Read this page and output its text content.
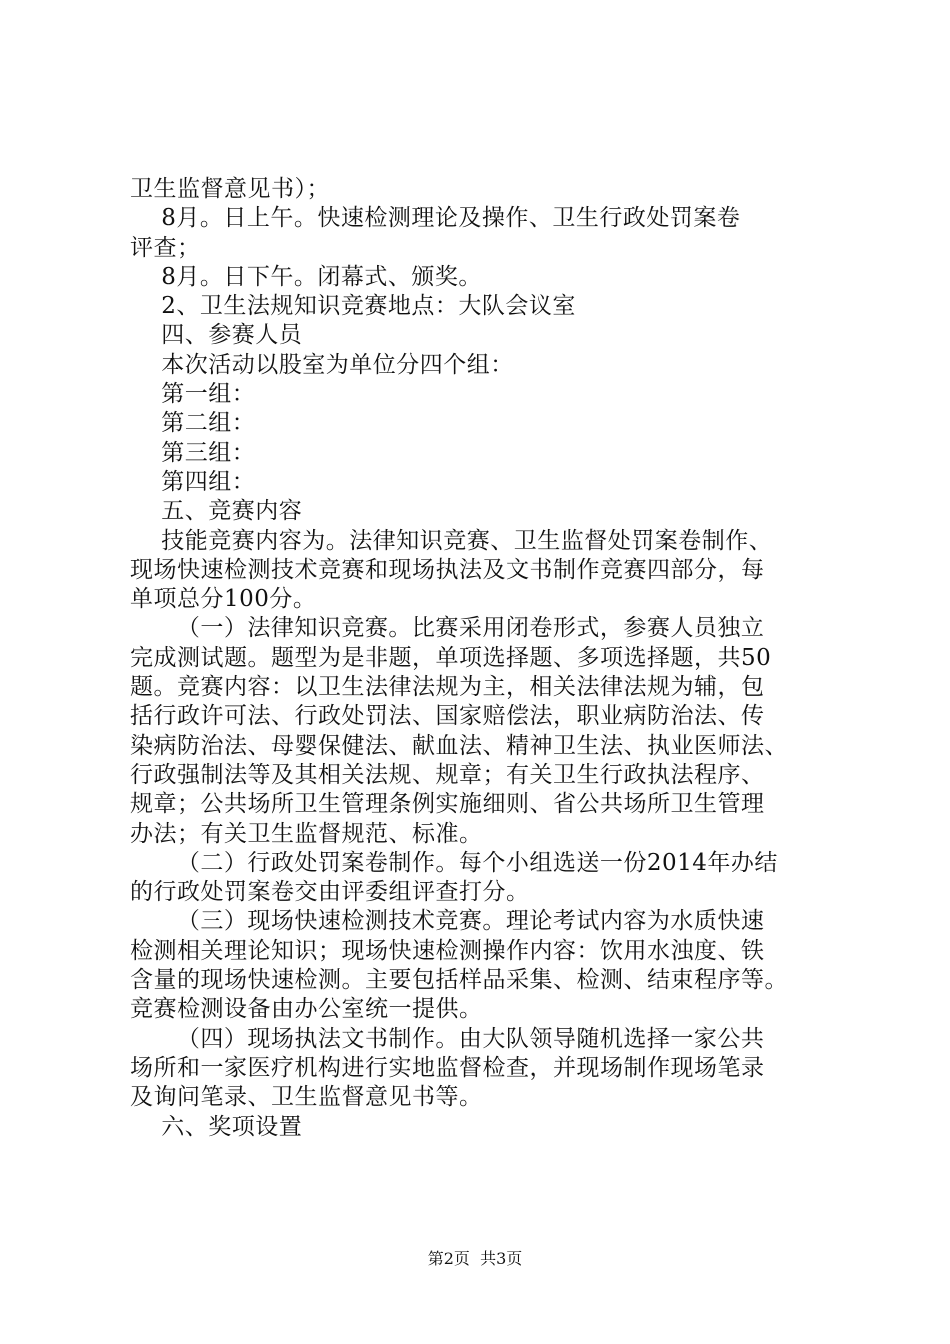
卫生监督意见书）；
8月。日上午。快速检测理论及操作、卫生行政处罚案卷
评查；
8月。日下午。闭幕式、颁奖。
2、卫生法规知识竞赛地点：大队会议室
四、参赛人员
本次活动以股室为单位分四个组：
第一组：
第二组：
第三组：
第四组：
五、竞赛内容
技能竞赛内容为。法律知识竞赛、卫生监督处罚案卷制作、
现场快速检测技术竞赛和现场执法及文书制作竞赛四部分，每
单项总分100分。
（一）法律知识竞赛。比赛采用闭卷形式，参赛人员独立
完成测试题。题型为是非题，单项选择题、多项选择题，共50
题。竞赛内容：以卫生法律法规为主，相关法律法规为辅，包
括行政许可法、行政处罚法、国家赔偿法，职业病防治法、传
染病防治法、母婴保健法、献血法、精神卫生法、执业医师法、
行政强制法等及其相关法规、规章；有关卫生行政执法程序、
规章；公共场所卫生管理条例实施细则、省公共场所卫生管理
办法；有关卫生监督规范、标准。
（二）行政处罚案卷制作。每个小组选送一份2014年办结
的行政处罚案卷交由评委组评查打分。
（三）现场快速检测技术竞赛。理论考试内容为水质快速
检测相关理论知识；现场快速检测操作内容：饮用水浊度、铁
含量的现场快速检测。主要包括样品采集、检测、结束程序等。
竞赛检测设备由办公室统一提供。
（四）现场执法文书制作。由大队领导随机选择一家公共
场所和一家医疗机构进行实地监督检查，并现场制作现场笔录
及询问笔录、卫生监督意见书等。
六、奖项设置
第2页  共3页
